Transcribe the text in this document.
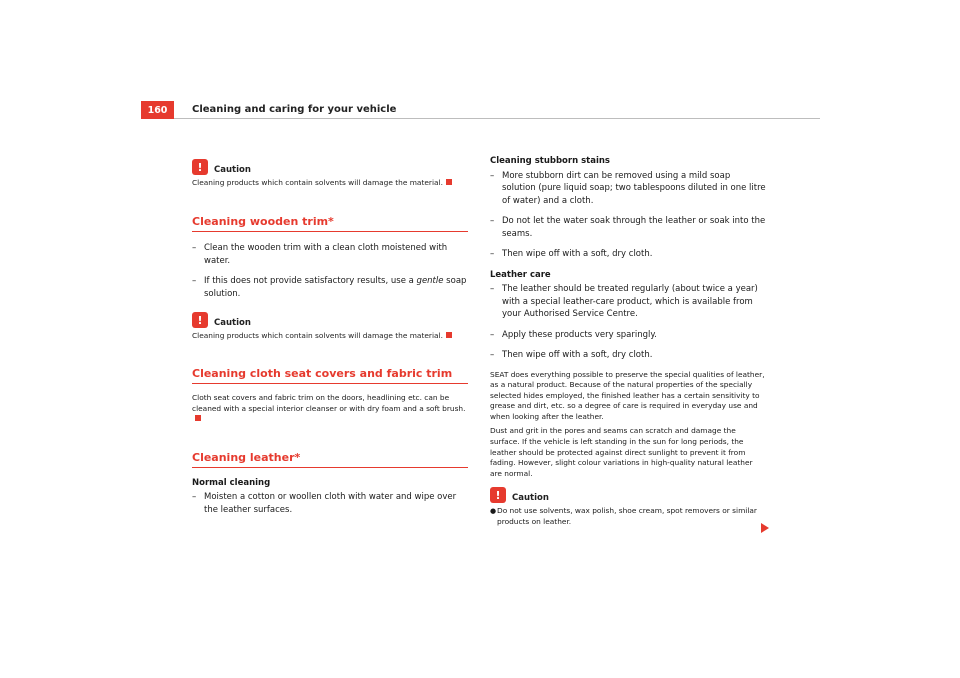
160	Cleaning and caring for your vehicle
!	Caution
Cleaning products which contain solvents will damage the material.
Cleaning wooden trim*
– Clean the wooden trim with a clean cloth moistened with water.
– If this does not provide satisfactory results, use a gentle soap solution.
!	Caution
Cleaning products which contain solvents will damage the material.
Cleaning cloth seat covers and fabric trim
Cloth seat covers and fabric trim on the doors, headlining etc. can be cleaned with a special interior cleanser or with dry foam and a soft brush.
Cleaning leather*
Normal cleaning
– Moisten a cotton or woollen cloth with water and wipe over the leather surfaces.
Cleaning stubborn stains
– More stubborn dirt can be removed using a mild soap solution (pure liquid soap; two tablespoons diluted in one litre of water) and a cloth.
– Do not let the water soak through the leather or soak into the seams.
– Then wipe off with a soft, dry cloth.
Leather care
– The leather should be treated regularly (about twice a year) with a special leather-care product, which is available from your Authorised Service Centre.
– Apply these products very sparingly.
– Then wipe off with a soft, dry cloth.
SEAT does everything possible to preserve the special qualities of leather, as a natural product. Because of the natural properties of the specially selected hides employed, the finished leather has a certain sensitivity to grease and dirt, etc. so a degree of care is required in everyday use and when looking after the leather.
Dust and grit in the pores and seams can scratch and damage the surface. If the vehicle is left standing in the sun for long periods, the leather should be protected against direct sunlight to prevent it from fading. However, slight colour variations in high-quality natural leather are normal.
!	Caution
● Do not use solvents, wax polish, shoe cream, spot removers or similar products on leather.
